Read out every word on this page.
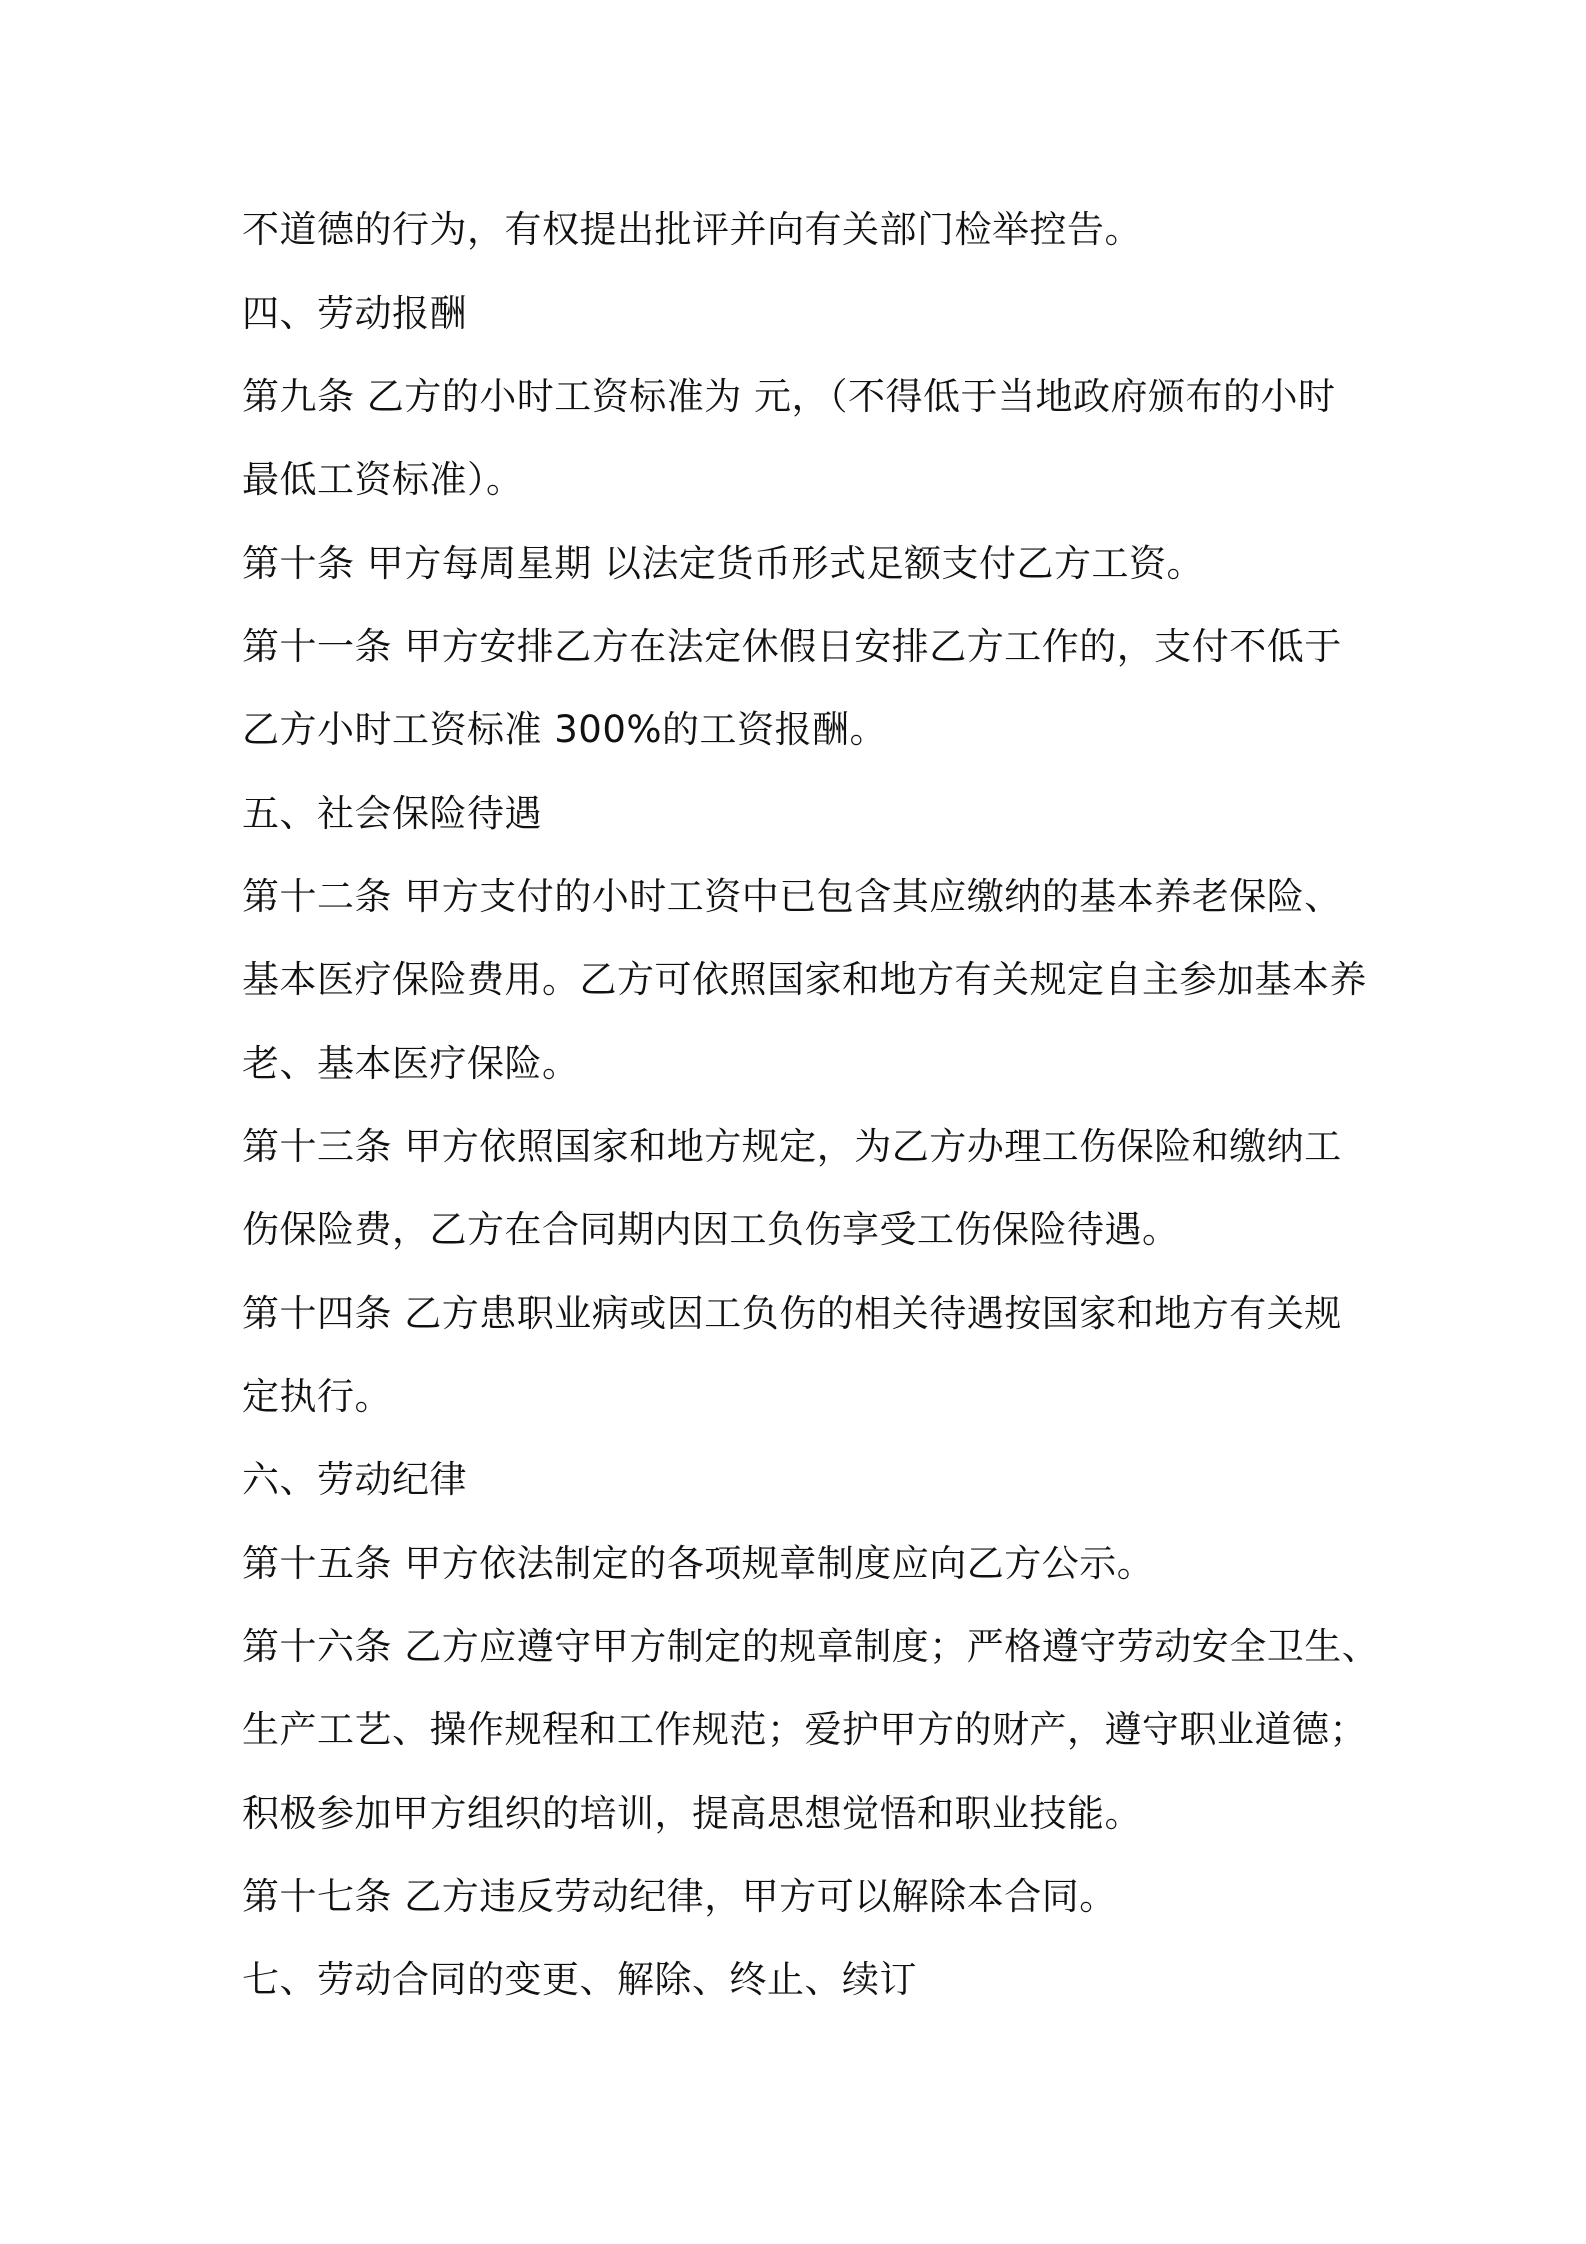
不道德的行为，有权提出批评并向有关部门检举控告。
四、劳动报酬
第九条 乙方的小时工资标准为 元，（不得低于当地政府颁布的小时
最低工资标准）。
第十条 甲方每周星期 以法定货币形式足额支付乙方工资。
第十一条 甲方安排乙方在法定休假日安排乙方工作的，支付不低于
乙方小时工资标准 300%的工资报酬。
五、社会保险待遇
第十二条 甲方支付的小时工资中已包含其应缴纳的基本养老保险、
基本医疗保险费用。乙方可依照国家和地方有关规定自主参加基本养
老、基本医疗保险。
第十三条 甲方依照国家和地方规定，为乙方办理工伤保险和缴纳工
伤保险费，乙方在合同期内因工负伤享受工伤保险待遇。
第十四条 乙方患职业病或因工负伤的相关待遇按国家和地方有关规
定执行。
六、劳动纪律
第十五条 甲方依法制定的各项规章制度应向乙方公示。
第十六条 乙方应遵守甲方制定的规章制度；严格遵守劳动安全卫生、
生产工艺、操作规程和工作规范；爱护甲方的财产，遵守职业道德；
积极参加甲方组织的培训，提高思想觉悟和职业技能。
第十七条 乙方违反劳动纪律，甲方可以解除本合同。
七、劳动合同的变更、解除、终止、续订
